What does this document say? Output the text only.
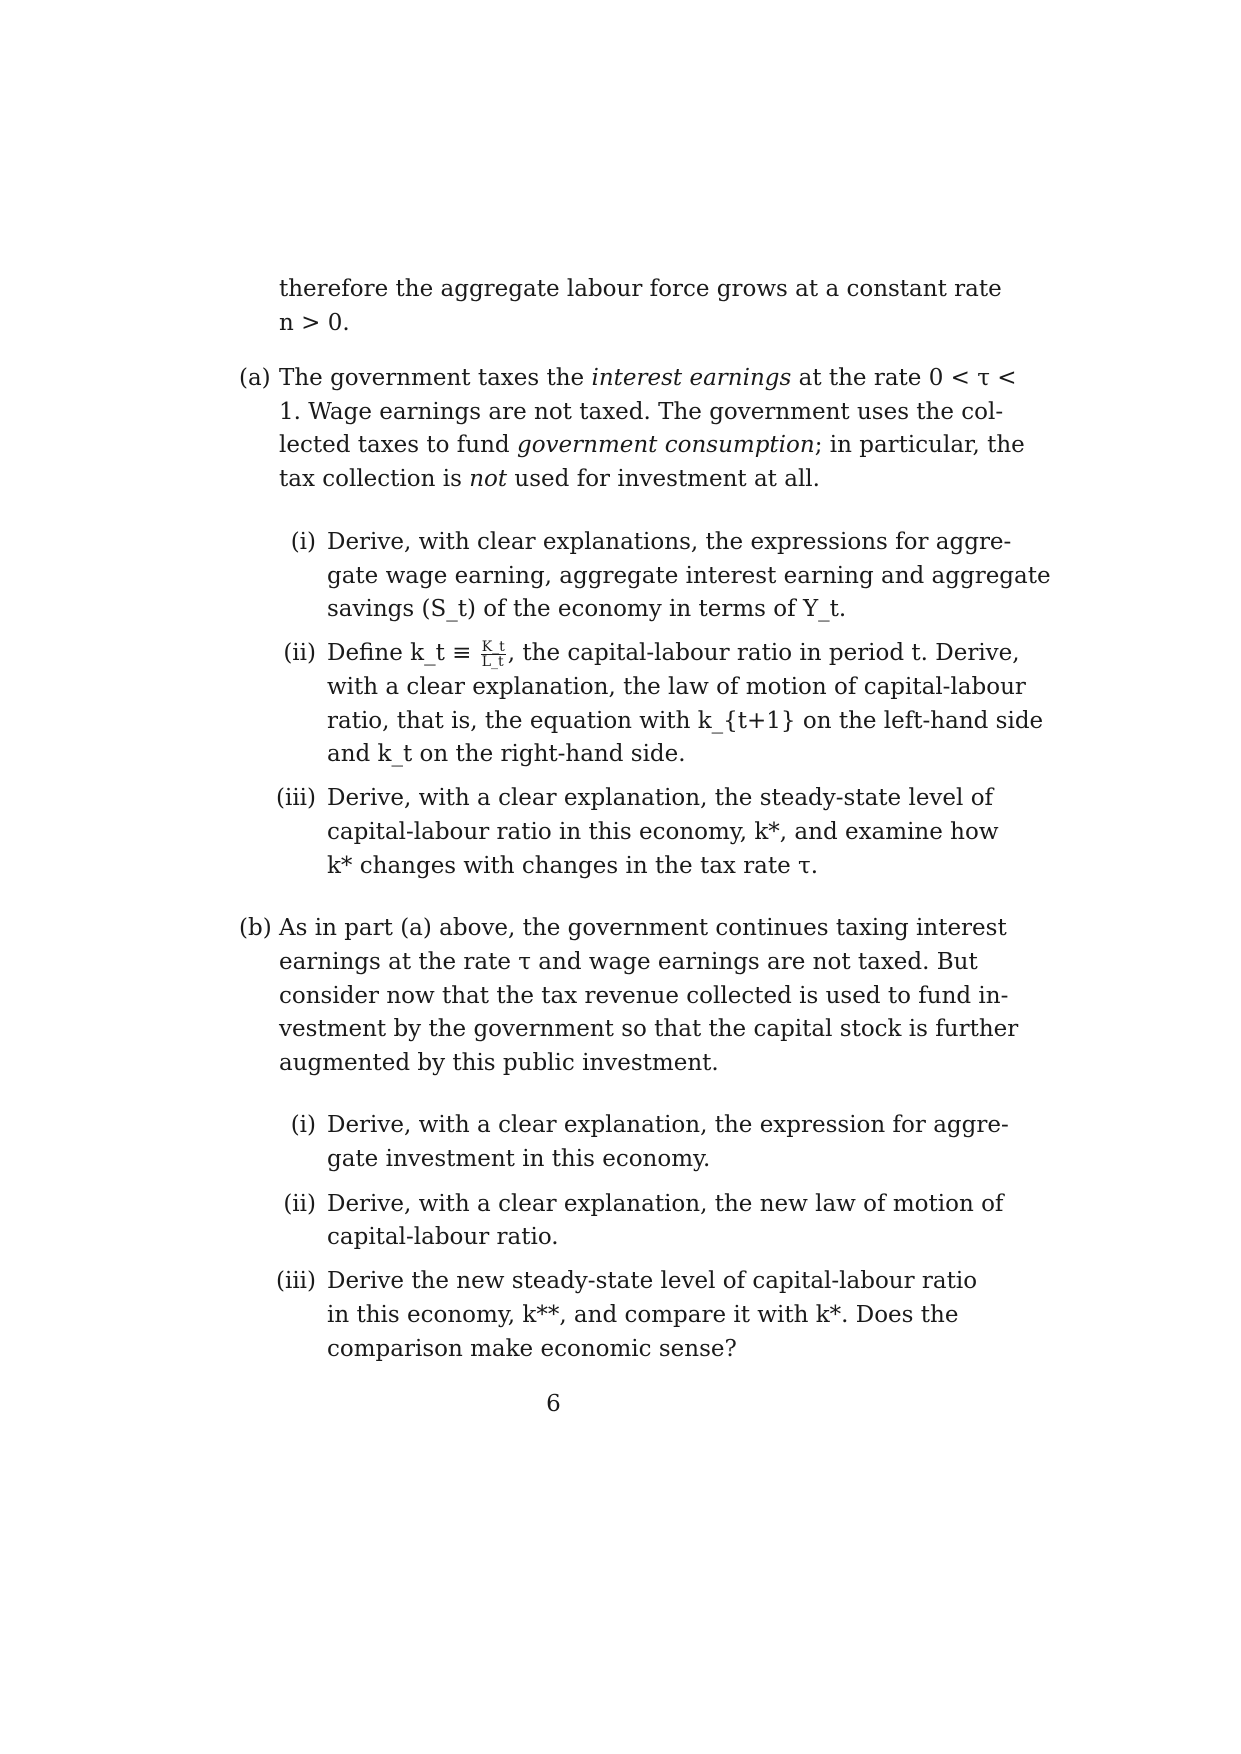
therefore the aggregate labour force grows at a constant rate
n > 0.
(a) The government taxes the interest earnings at the rate 0 < τ <
1. Wage earnings are not taxed. The government uses the col-
lected taxes to fund government consumption; in particular, the
tax collection is not used for investment at all.
(i) Derive, with clear explanations, the expressions for aggre-
gate wage earning, aggregate interest earning and aggregate
savings (S_t) of the economy in terms of Y_t.
(ii) Define k_t ≡ $\frac{K\_t}{L\_t}$ , the capital-labour ratio in period t. Derive,
with a clear explanation, the law of motion of capital-labour
ratio, that is, the equation with k_{t+1} on the left-hand side
and k_t on the right-hand side.
(iii) Derive, with a clear explanation, the steady-state level of
capital-labour ratio in this economy, k*, and examine how
k* changes with changes in the tax rate τ.
(b) As in part (a) above, the government continues taxing interest
earnings at the rate τ and wage earnings are not taxed. But
consider now that the tax revenue collected is used to fund in-
vestment by the government so that the capital stock is further
augmented by this public investment.
(i) Derive, with a clear explanation, the expression for aggre-
gate investment in this economy.
(ii) Derive, with a clear explanation, the new law of motion of
capital-labour ratio.
(iii) Derive the new steady-state level of capital-labour ratio
in this economy, k**, and compare it with k*. Does the
comparison make economic sense?
6
